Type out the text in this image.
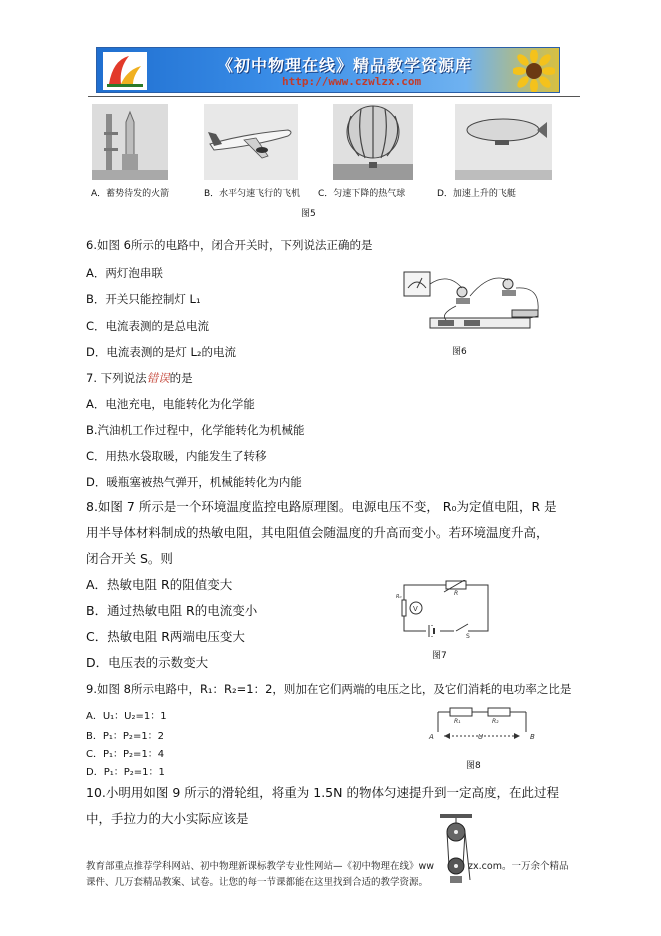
《初中物理在线》精品教学资源库
http://www.czwlzx.com
A．蓄势待发的火箭	B．水平匀速飞行的飞机 C．匀速下降的热气球	D．加速上升的飞艇
图5
6.如图 6所示的电路中，闭合开关时，下列说法正确的是
A．两灯泡串联
B．开关只能控制灯 L₁
C．电流表测的是总电流
D．电流表测的是灯 L₂的电流	图6
7. 下列说法错误的是
A．电池充电，电能转化为化学能
B.汽油机工作过程中，化学能转化为机械能
C．用热水袋取暖，内能发生了转移
D．暖瓶塞被热气弹开，机械能转化为内能
8.如图 7 所示是一个环境温度监控电路原理图。电源电压不变， R₀为定值电阻，R 是
用半导体材料制成的热敏电阻，其电阻值会随温度的升高而变小。若环境温度升高，
闭合开关 S。则
A．热敏电阻 R的阻值变大
B．通过热敏电阻 R的电流变小
C．热敏电阻 R两端电压变大
D．电压表的示数变大
V
R
R₀
S
图7
9.如图 8所示电路中，R₁：R₂=1：2，则加在它们两端的电压之比，及它们消耗的电功率之比是
A．U₁：U₂=1：1
B．P₁：P₂=1：2
C．P₁：P₂=1：4
D．P₁：P₂=1：1
R₁	R₂
A	U	B
图8
10.小明用如图 9 所示的滑轮组，将重为 1.5N 的物体匀速提升到一定高度，在此过程
中，手拉力的大小实际应该是
教育部重点推荐学科网站、初中物理新课标教学专业性网站—《初中物理在线》ww	zx.com。一万余个精品
课件、几万套精品教案、试卷。让您的每一节课都能在这里找到合适的教学资源。
